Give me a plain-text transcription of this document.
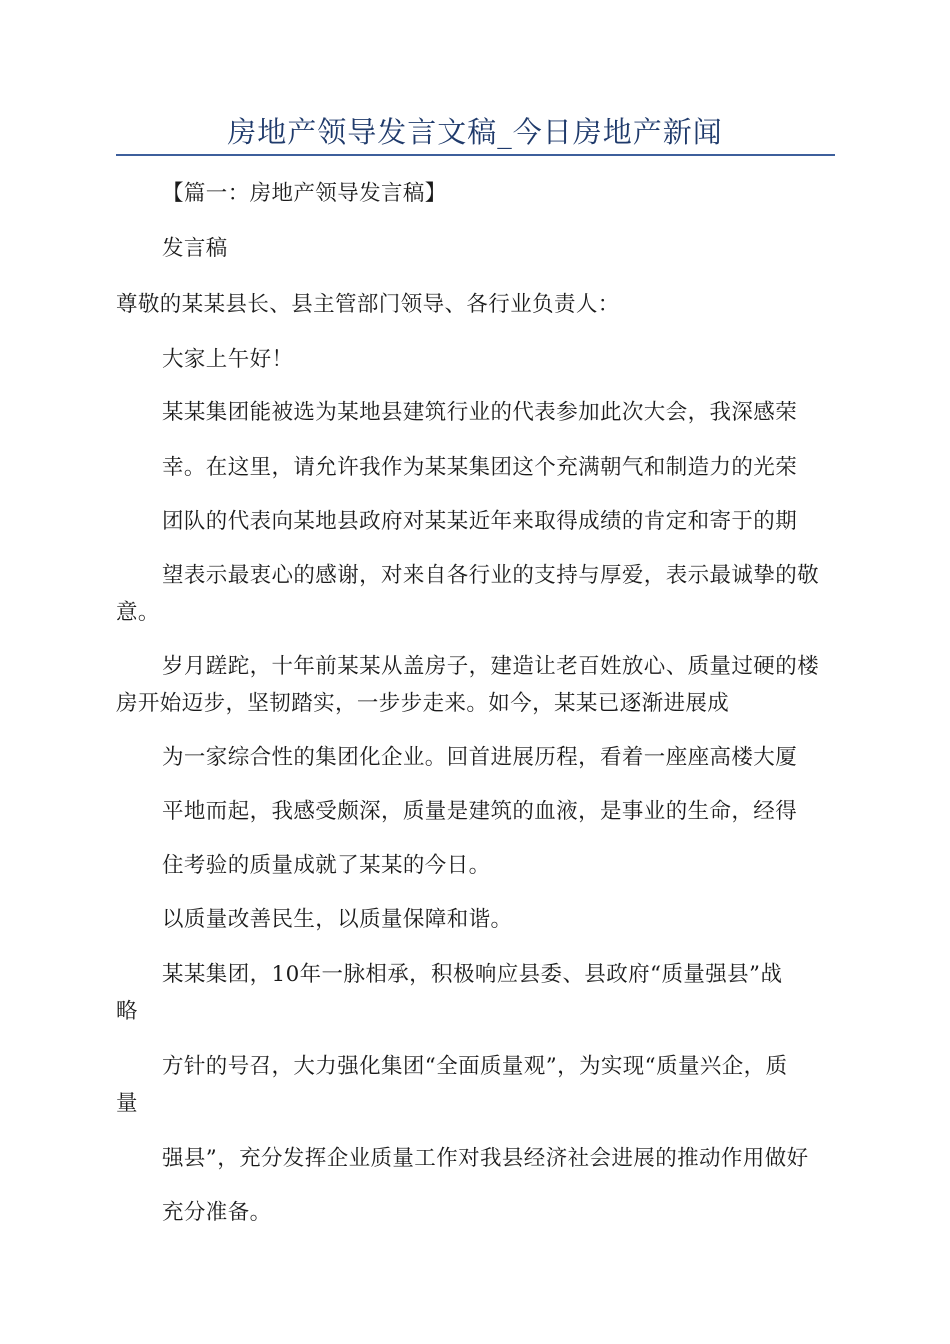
房地产领导发言文稿_今日房地产新闻
【篇一：房地产领导发言稿】
发言稿
尊敬的某某县长、县主管部门领导、各行业负责人：
大家上午好！
某某集团能被选为某地县建筑行业的代表参加此次大会，我深感荣
幸。在这里，请允许我作为某某集团这个充满朝气和制造力的光荣
团队的代表向某地县政府对某某近年来取得成绩的肯定和寄于的期
望表示最衷心的感谢，对来自各行业的支持与厚爱，表示最诚挚的敬
意。
岁月蹉跎，十年前某某从盖房子，建造让老百姓放心、质量过硬的楼
房开始迈步，坚韧踏实，一步步走来。如今，某某已逐渐进展成
为一家综合性的集团化企业。回首进展历程，看着一座座高楼大厦
平地而起，我感受颇深，质量是建筑的血液，是事业的生命，经得
住考验的质量成就了某某的今日。
以质量改善民生，以质量保障和谐。
某某集团，10年一脉相承，积极响应县委、县政府“质量强县”战
略
方针的号召，大力强化集团“全面质量观”，为实现“质量兴企，质
量
强县”，充分发挥企业质量工作对我县经济社会进展的推动作用做好
充分准备。
